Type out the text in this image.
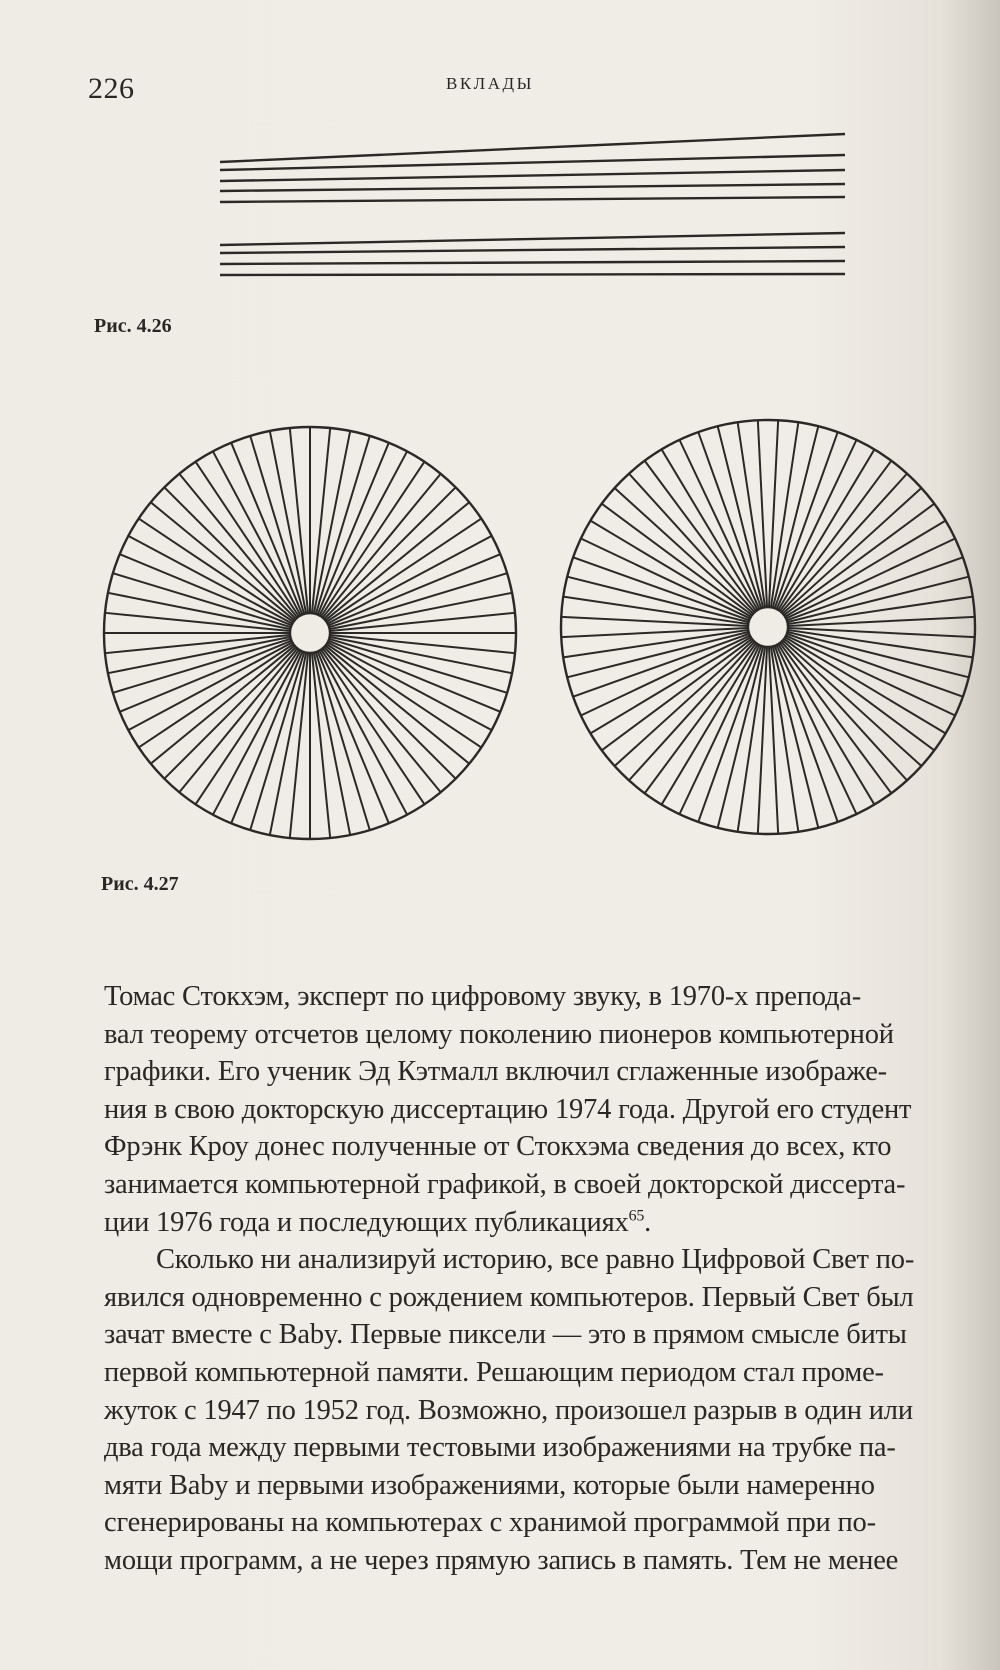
226	ВКЛАДЫ
Рис. 4.26
Рис. 4.27
Томас Стокхэм, эксперт по цифровому звуку, в 1970-х препода-
вал теорему отсчетов целому поколению пионеров компьютерной
графики. Его ученик Эд Кэтмалл включил сглаженные изображе-
ния в свою докторскую диссертацию 1974 года. Другой его студент
Фрэнк Кроу донес полученные от Стокхэма сведения до всех, кто
занимается компьютерной графикой, в своей докторской диссерта-
ции 1976 года и последующих публикациях$^{65}$.
Сколько ни анализируй историю, все равно Цифровой Свет по-
явился одновременно с рождением компьютеров. Первый Свет был
зачат вместе с Baby. Первые пиксели — это в прямом смысле биты
первой компьютерной памяти. Решающим периодом стал проме-
жуток с 1947 по 1952 год. Возможно, произошел разрыв в один или
два года между первыми тестовыми изображениями на трубке па-
мяти Baby и первыми изображениями, которые были намеренно
сгенерированы на компьютерах с хранимой программой при по-
мощи программ, а не через прямую запись в память. Тем не менее
